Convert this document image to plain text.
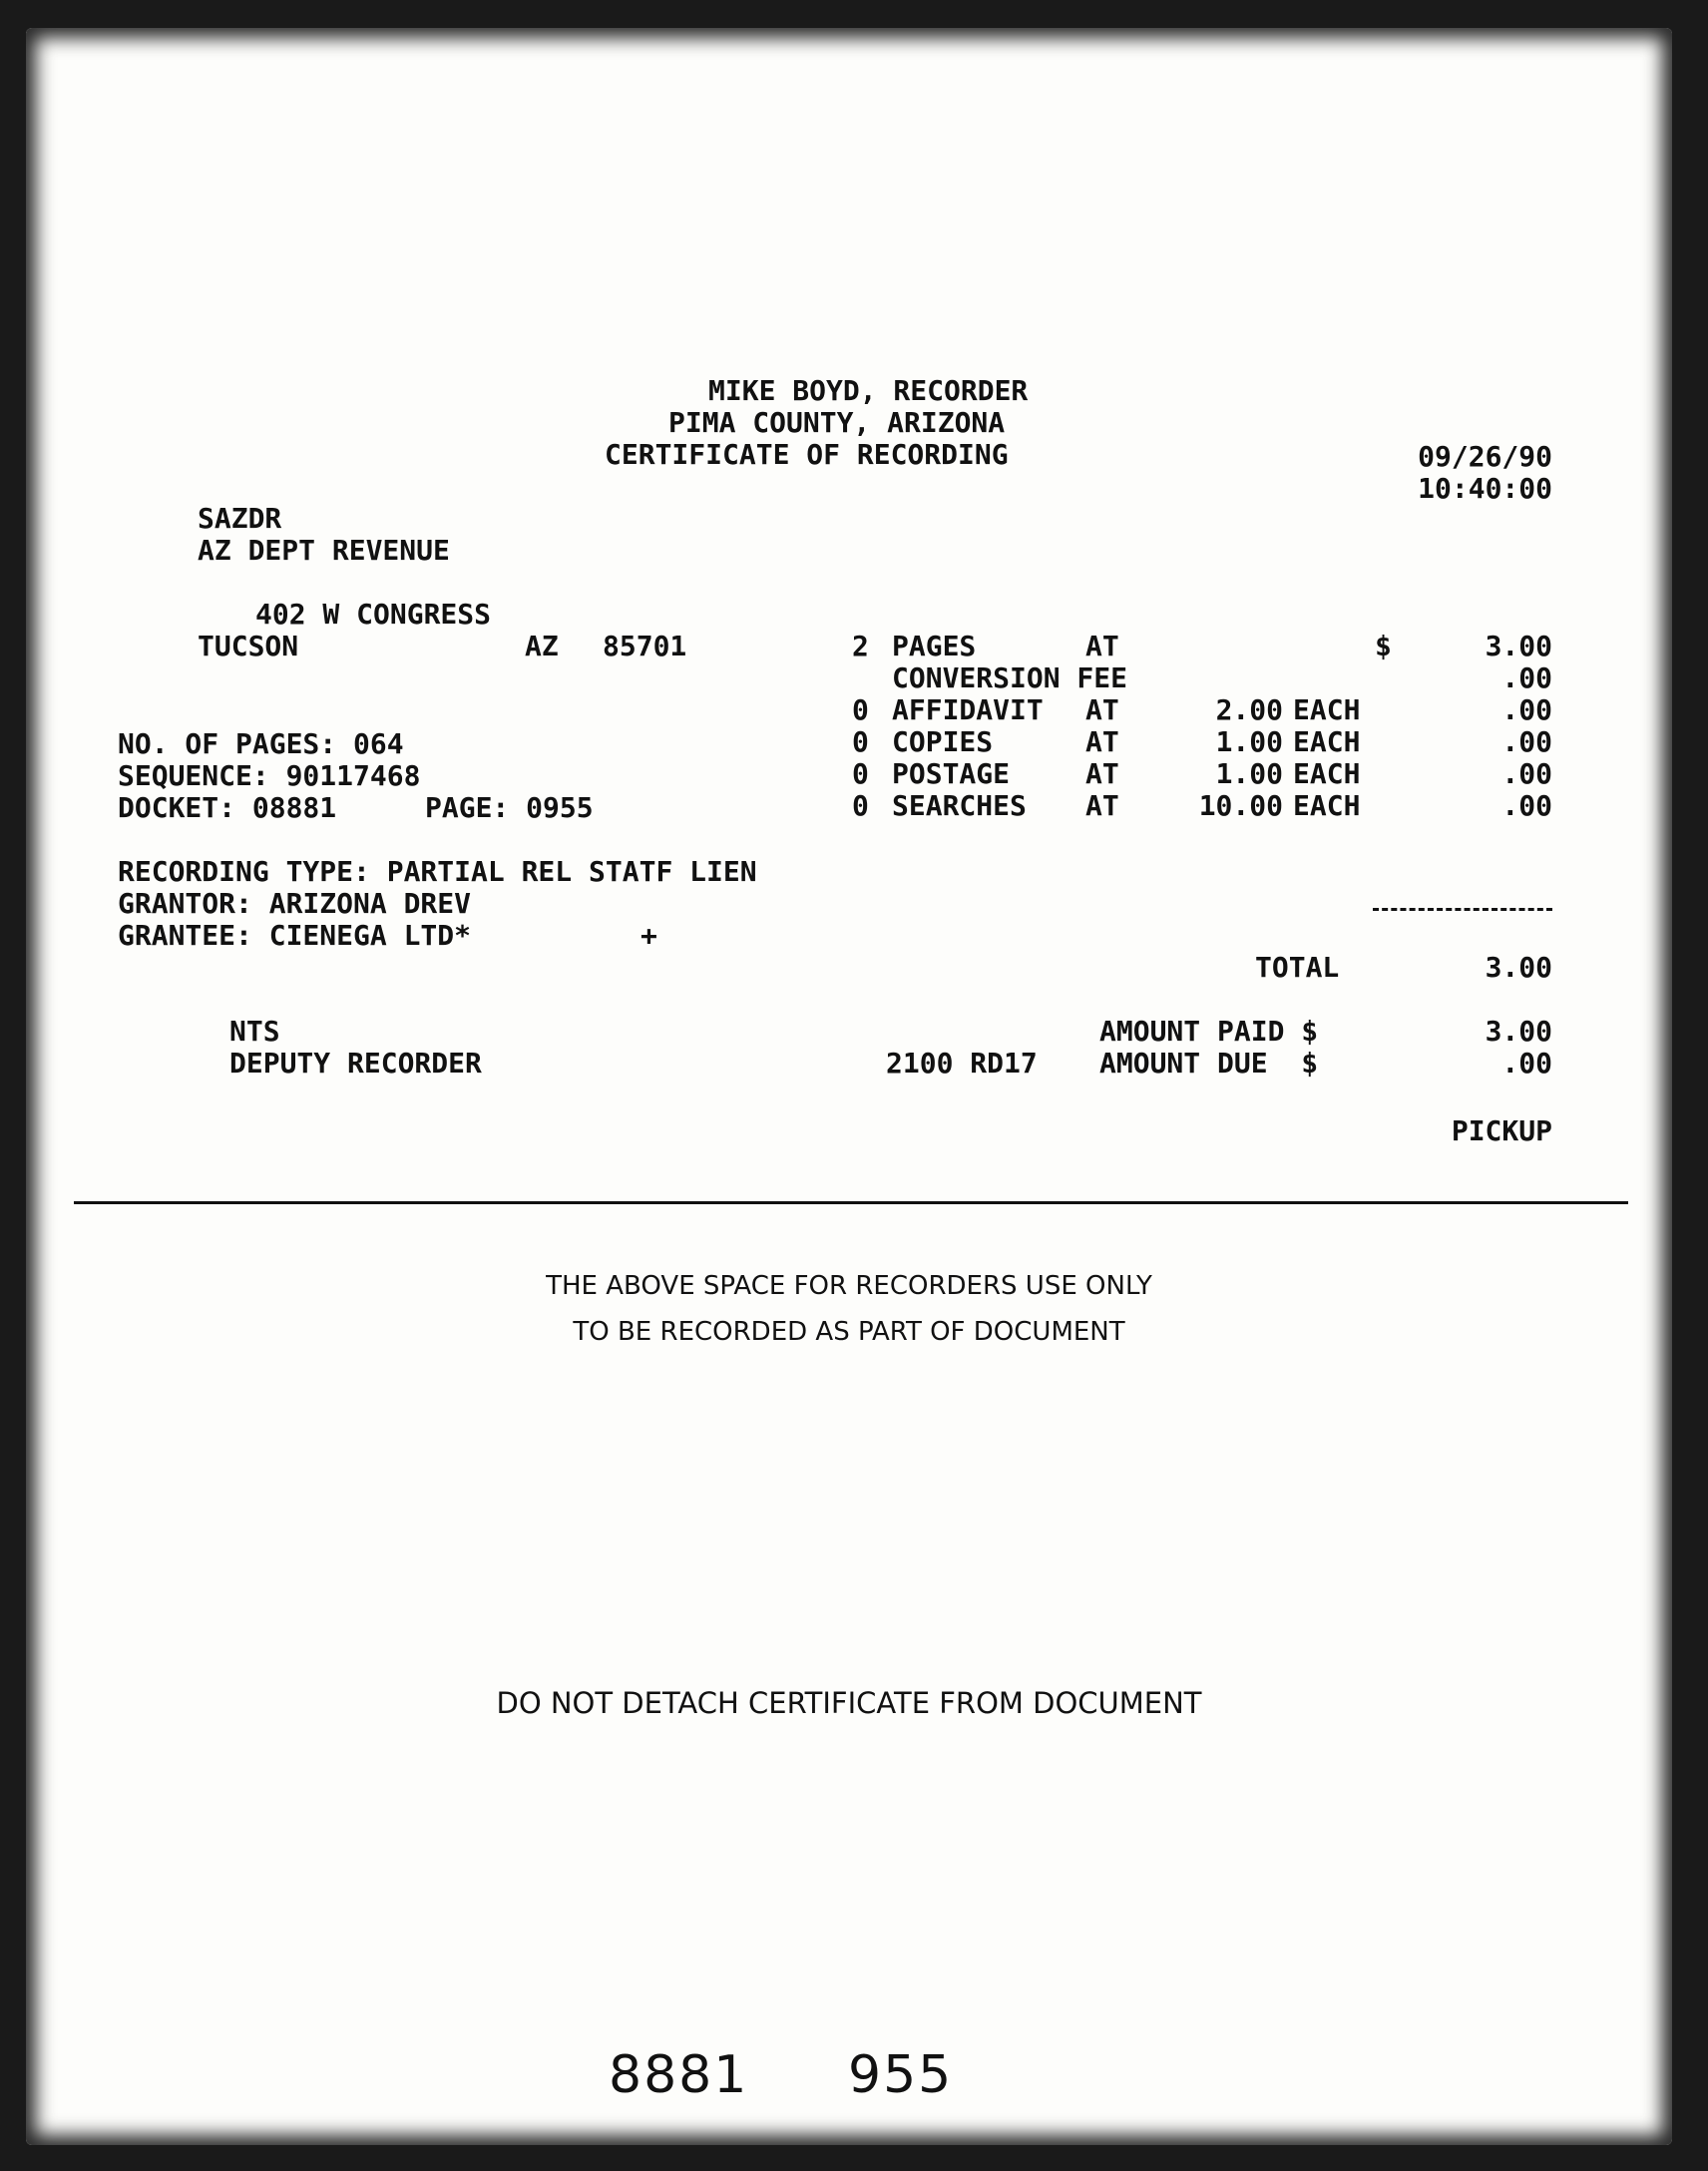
MIKE BOYD, RECORDER
PIMA COUNTY, ARIZONA
CERTIFICATE OF RECORDING	09/26/90
10:40:00
SAZDR
AZ DEPT REVENUE
402 W CONGRESS
TUCSON	AZ 85701
NO. OF PAGES: 064
SEQUENCE: 90117468
DOCKET: 08881	PAGE: 0955
RECORDING TYPE: PARTIAL REL STATF LIEN
GRANTOR: ARIZONA DREV
GRANTEE: CIENEGA LTD*	+
2 PAGES	AT	$	3.00
CONVERSION FEE	.00
0 AFFIDAVIT AT	2.00 EACH	.00
0 COPIES	AT	1.00 EACH	.00
0 POSTAGE	AT	1.00 EACH	.00
0 SEARCHES AT	10.00 EACH	.00
TOTAL	3.00
NTS
DEPUTY RECORDER	2100 RD17
AMOUNT PAID $	3.00
AMOUNT DUE  $	.00
PICKUP
THE ABOVE SPACE FOR RECORDERS USE ONLY
TO BE RECORDED AS PART OF DOCUMENT
DO NOT DETACH CERTIFICATE FROM DOCUMENT
8881 955
